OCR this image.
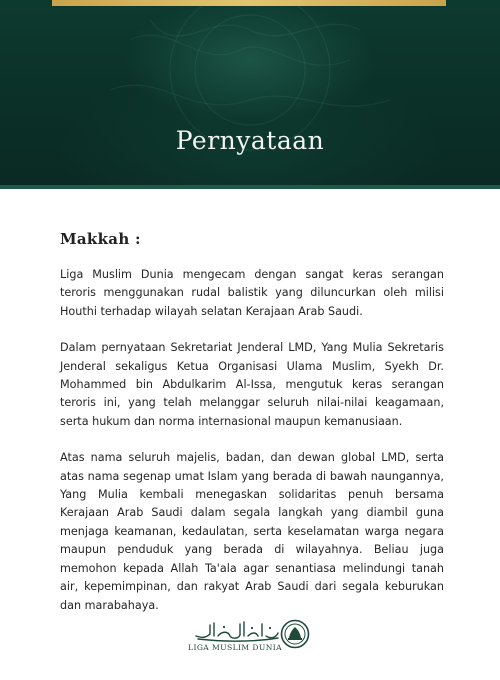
Pernyataan
Makkah :

Liga Muslim Dunia mengecam dengan sangat keras serangan teroris menggunakan rudal balistik yang diluncurkan oleh milisi Houthi terhadap wilayah selatan Kerajaan Arab Saudi.

Dalam pernyataan Sekretariat Jenderal LMD, Yang Mulia Sekretaris Jenderal sekaligus Ketua Organisasi Ulama Muslim, Syekh Dr. Mohammed bin Abdulkarim Al-Issa, mengutuk keras serangan teroris ini, yang telah melanggar seluruh nilai-nilai keagamaan, serta hukum dan norma internasional maupun kemanusiaan.

Atas nama seluruh majelis, badan, dan dewan global LMD, serta atas nama segenap umat Islam yang berada di bawah naungannya, Yang Mulia kembali menegaskan solidaritas penuh bersama Kerajaan Arab Saudi dalam segala langkah yang diambil guna menjaga keamanan, kedaulatan, serta keselamatan warga negara maupun penduduk yang berada di wilayahnya. Beliau juga memohon kepada Allah Ta'ala agar senantiasa melindungi tanah air, kepemimpinan, dan rakyat Arab Saudi dari segala keburukan dan marabahaya.

LIGA MUSLIM DUNIA
